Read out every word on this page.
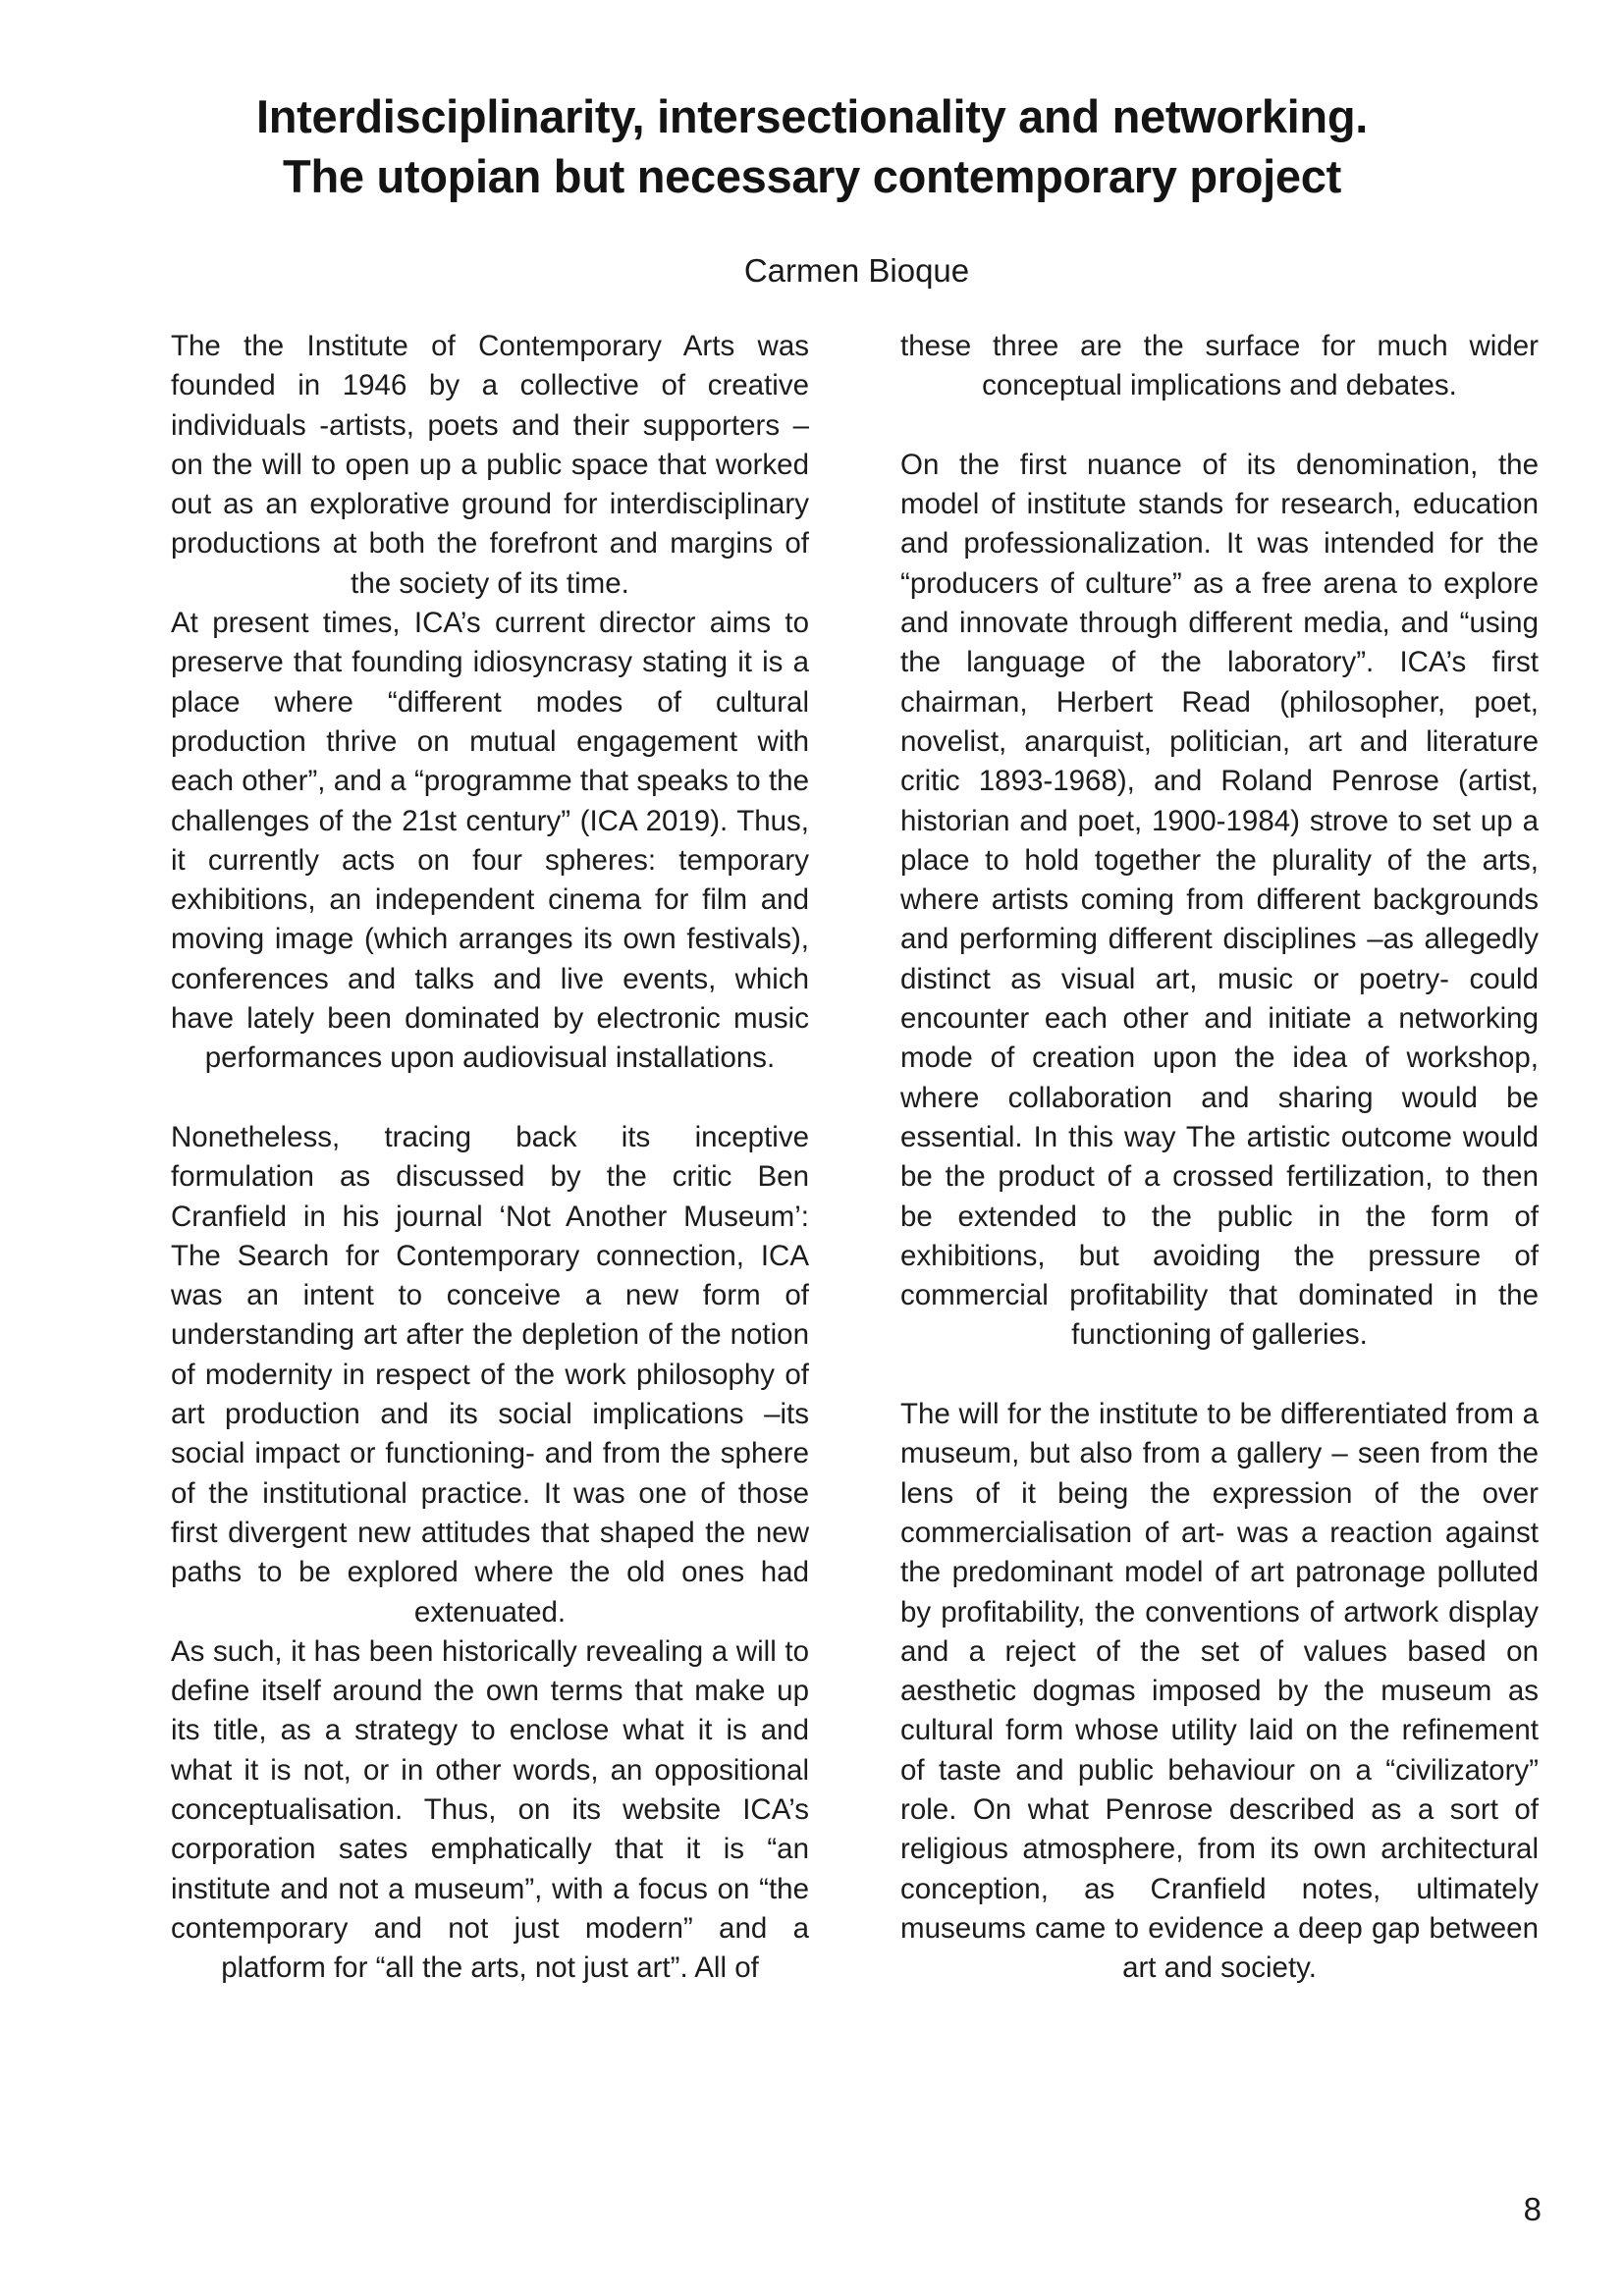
Interdisciplinarity, intersectionality and networking.
The utopian but necessary contemporary project
Carmen Bioque

The the Institute of Contemporary Arts was founded in 1946 by a collective of creative individuals -artists, poets and their supporters – on the will to open up a public space that worked out as an explorative ground for interdisciplinary productions at both the forefront and margins of the society of its time.

At present times, ICA’s current director aims to preserve that founding idiosyncrasy stating it is a place where “different modes of cultural production thrive on mutual engagement with each other”, and a “programme that speaks to the challenges of the 21st century” (ICA 2019). Thus, it currently acts on four spheres: temporary exhibitions, an independent cinema for film and moving image (which arranges its own festivals), conferences and talks and live events, which have lately been dominated by electronic music performances upon audiovisual installations.

Nonetheless, tracing back its inceptive formulation as discussed by the critic Ben Cranfield in his journal ‘Not Another Museum’: The Search for Contemporary connection, ICA was an intent to conceive a new form of understanding art after the depletion of the notion of modernity in respect of the work philosophy of art production and its social implications –its social impact or functioning- and from the sphere of the institutional practice. It was one of those first divergent new attitudes that shaped the new paths to be explored where the old ones had extenuated.

As such, it has been historically revealing a will to define itself around the own terms that make up its title, as a strategy to enclose what it is and what it is not, or in other words, an oppositional conceptualisation. Thus, on its website ICA’s corporation sates emphatically that it is “an institute and not a museum”, with a focus on “the contemporary and not just modern” and a platform for “all the arts, not just art”. All of

these three are the surface for much wider conceptual implications and debates.

On the first nuance of its denomination, the model of institute stands for research, education and professionalization. It was intended for the “producers of culture” as a free arena to explore and innovate through different media, and “using the language of the laboratory”. ICA’s first chairman, Herbert Read (philosopher, poet, novelist, anarquist, politician, art and literature critic 1893-1968), and Roland Penrose (artist, historian and poet, 1900-1984) strove to set up a place to hold together the plurality of the arts, where artists coming from different backgrounds and performing different disciplines –as allegedly distinct as visual art, music or poetry- could encounter each other and initiate a networking mode of creation upon the idea of workshop, where collaboration and sharing would be essential. In this way The artistic outcome would be the product of a crossed fertilization, to then be extended to the public in the form of exhibitions, but avoiding the pressure of commercial profitability that dominated in the functioning of galleries.

The will for the institute to be differentiated from a museum, but also from a gallery – seen from the lens of it being the expression of the over commercialisation of art- was a reaction against the predominant model of art patronage polluted by profitability, the conventions of artwork display and a reject of the set of values based on aesthetic dogmas imposed by the museum as cultural form whose utility laid on the refinement of taste and public behaviour on a “civilizatory” role. On what Penrose described as a sort of religious atmosphere, from its own architectural conception, as Cranfield notes, ultimately museums came to evidence a deep gap between art and society.

8
